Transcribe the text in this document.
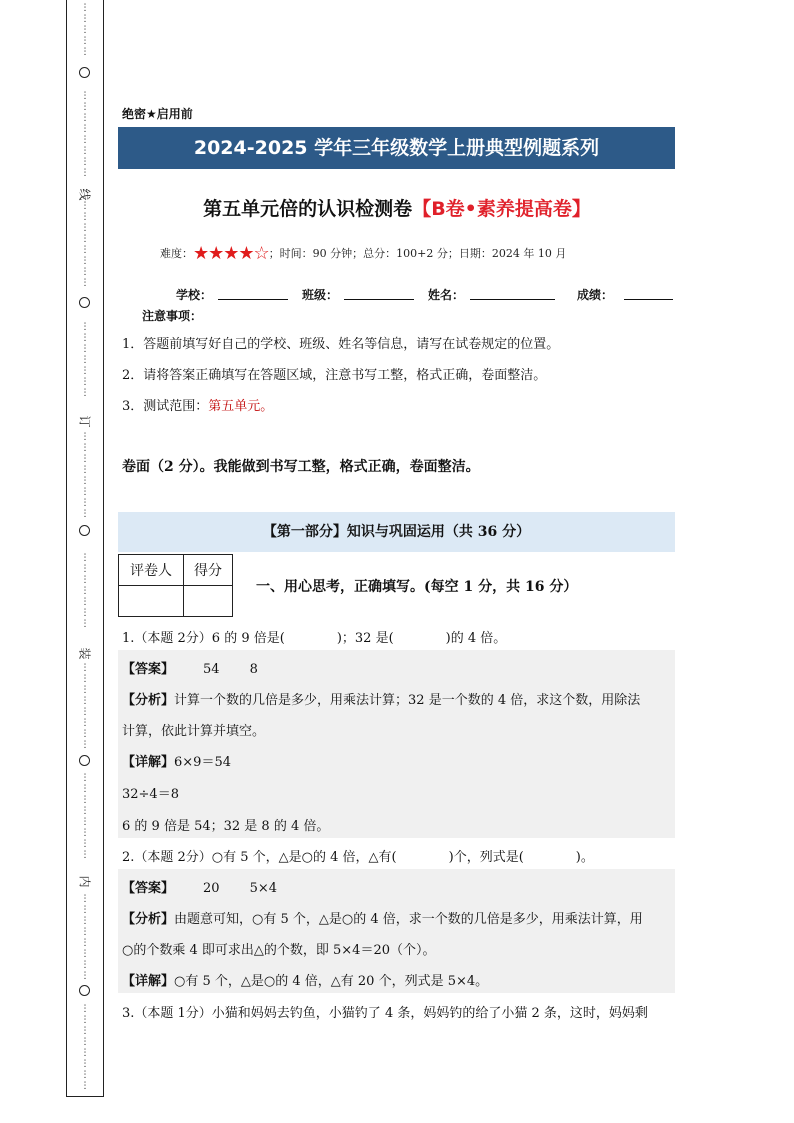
线
订
装
内
⋮
⋮
⋮
⋮
⋮
⋮
⋮
⋮
⋮
⋮
⋮
⋮
⋮
⋮
⋮
⋮
⋮
⋮
⋮
⋮
⋮
⋮
⋮
⋮
⋮
⋮
⋮
⋮
⋮
⋮
⋮
⋮
⋮
⋮
⋮
⋮
⋮
⋮
⋮
⋮
⋮
⋮
⋮
⋮
⋮
⋮
⋮
⋮
⋮
⋮
⋮
⋮
⋮
⋮
⋮
⋮
⋮
⋮
⋮
⋮
⋮
⋮
⋮
⋮
⋮
⋮
⋮
⋮
⋮
⋮
⋮
⋮
⋮
⋮
⋮
绝密★启用前
2024-2025 学年三年级数学上册典型例题系列
第五单元倍的认识检测卷【B卷•素养提高卷】
难度：★★★★☆；时间：90 分钟；总分：100+2 分；日期：2024 年 10 月
学校：	班级：	姓名：	成绩：
注意事项：
1．答题前填写好自己的学校、班级、姓名等信息，请写在试卷规定的位置。
2．请将答案正确填写在答题区域，注意书写工整，格式正确，卷面整洁。
3．测试范围：第五单元。
卷面（2 分）。我能做到书写工整，格式正确，卷面整洁。
【第一部分】知识与巩固运用（共 36 分）
评卷人	得分

一、用心思考，正确填写。(每空 1 分，共 16 分）
1.（本题 2分）6 的 9 倍是(　　　　)；32 是(　　　　)的 4 倍。
【答案】 54　　 8
【分析】计算一个数的几倍是多少，用乘法计算；32 是一个数的 4 倍，求这个数，用除法
计算，依此计算并填空。
【详解】6×9＝54
32÷4＝8
6 的 9 倍是 54；32 是 8 的 4 倍。
2.（本题 2分）○有 5 个，△是○的 4 倍，△有(　　　　)个，列式是(　　　　)。
【答案】 20　　 5×4
【分析】由题意可知，○有 5 个，△是○的 4 倍，求一个数的几倍是多少，用乘法计算，用
○的个数乘 4 即可求出△的个数，即 5×4＝20（个）。
【详解】○有 5 个，△是○的 4 倍，△有 20 个，列式是 5×4。
3.（本题 1分）小猫和妈妈去钓鱼，小猫钓了 4 条，妈妈钓的给了小猫 2 条，这时，妈妈剩
